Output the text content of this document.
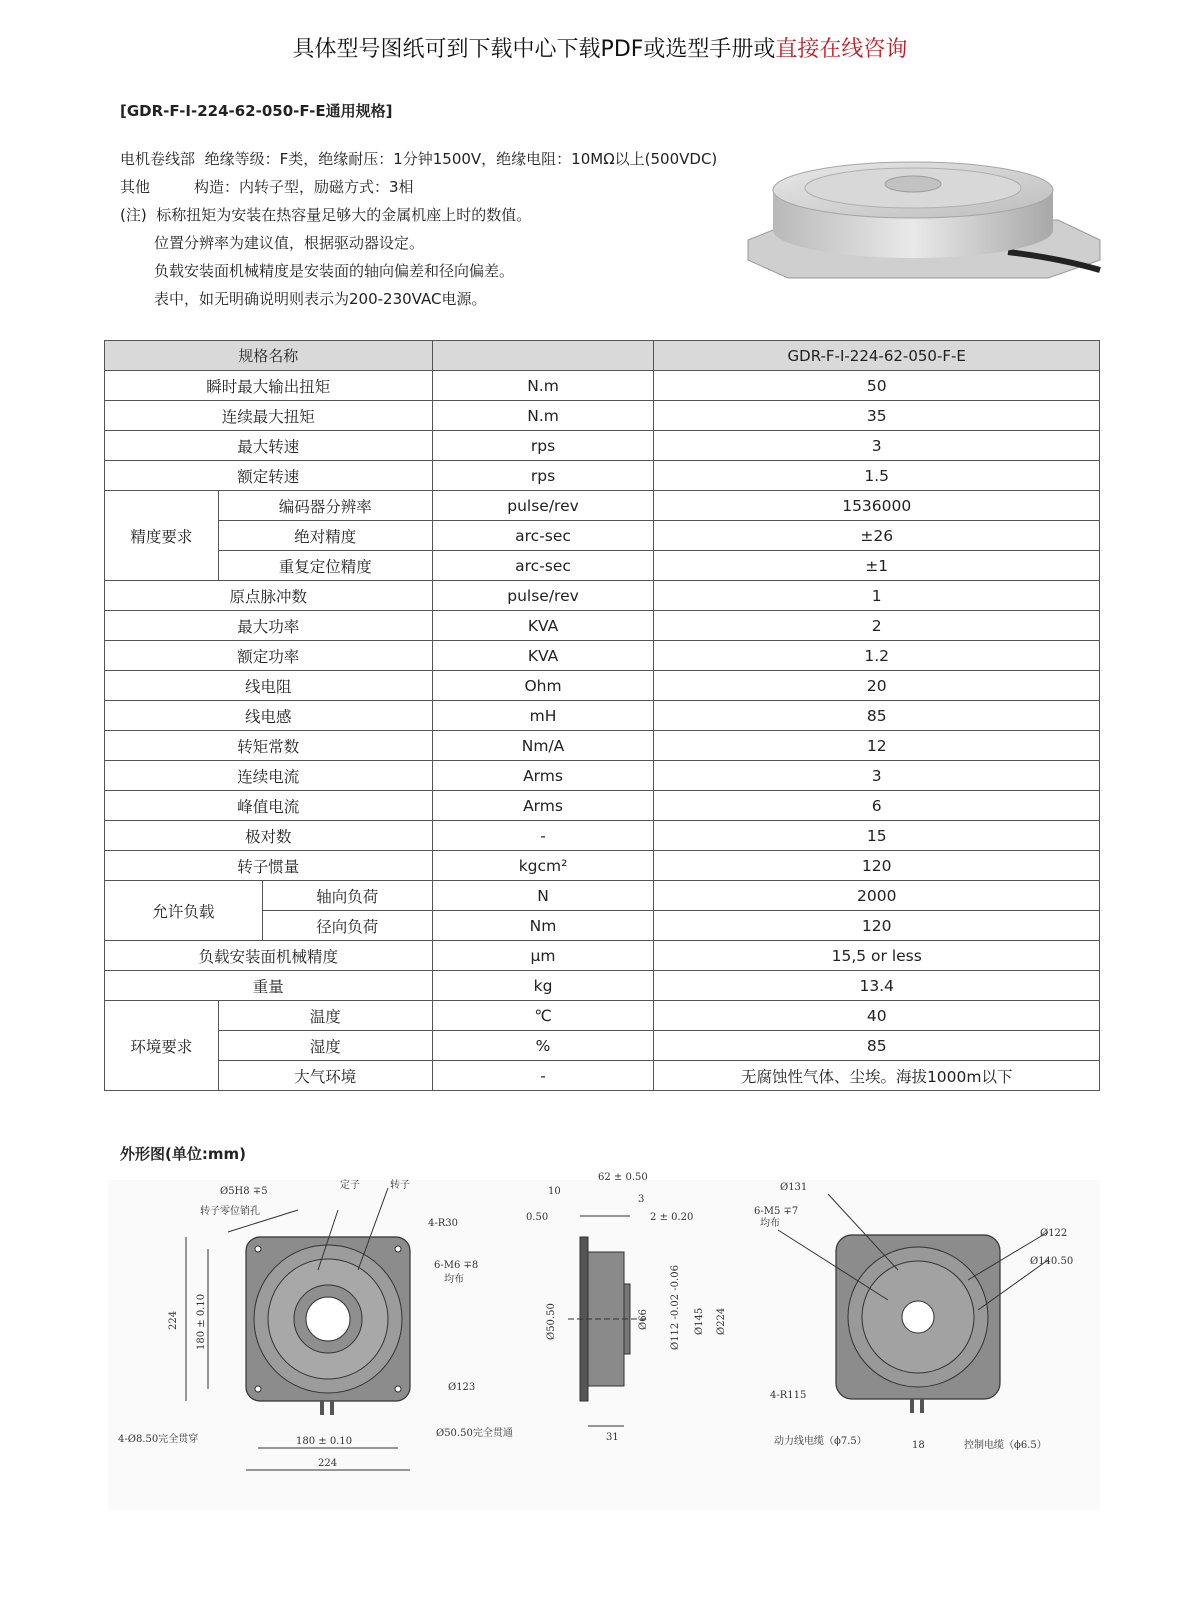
具体型号图纸可到下载中心下载PDF或选型手册或直接在线咨询
[GDR-F-I-224-62-050-F-E通用规格]
电机卷线部 绝缘等级：F类，绝缘耐压：1分钟1500V，绝缘电阻：10MΩ以上(500VDC)
其他	构造：内转子型，励磁方式：3相
(注) 标称扭矩为安装在热容量足够大的金属机座上时的数值。
位置分辨率为建议值，根据驱动器设定。
负载安装面机械精度是安装面的轴向偏差和径向偏差。
表中，如无明确说明则表示为200-230VAC电源。
规格名称				GDR-F-I-224-62-050-F-E
瞬时最大输出扭矩			N.m	50
连续最大扭矩			N.m	35
最大转速			rps	3
额定转速			rps	1.5
精度要求	编码器分辨率		pulse/rev	1536000
	绝对精度		arc-sec	±26
	重复定位精度		arc-sec	±1
原点脉冲数			pulse/rev	1
最大功率			KVA	2
额定功率			KVA	1.2
线电阻			Ohm	20
线电感			mH	85
转矩常数			Nm/A	12
连续电流			Arms	3
峰值电流			Arms	6
极对数			-	15
转子惯量			kgcm²	120
允许负载		轴向负荷	N	2000
		径向负荷	Nm	120
负载安装面机械精度			μm	15,5 or less
重量			kg	13.4
环境要求	温度		℃	40
	湿度		%	85
	大气环境		-	无腐蚀性气体、尘埃。海拔1000m以下
外形图(单位:mm)
Ø5H8 ∓5
定子	转子
转子零位销孔
4-R30
6-M6 ∓8
均布
Ø123
4-Ø8.50完全贯穿	180 ± 0.10
224
Ø50.50完全贯通
224 180 ± 0.10
62 ± 0.50
10
3
0.50	2 ± 0.20
31
Ø50.50	Ø66 Ø112 -0.02 -0.06 Ø145 Ø224
Ø131
6-M5 ∓7
均布
Ø122
Ø140.50
4-R115
动力线电缆（ϕ7.5）	18	控制电缆（ϕ6.5）
